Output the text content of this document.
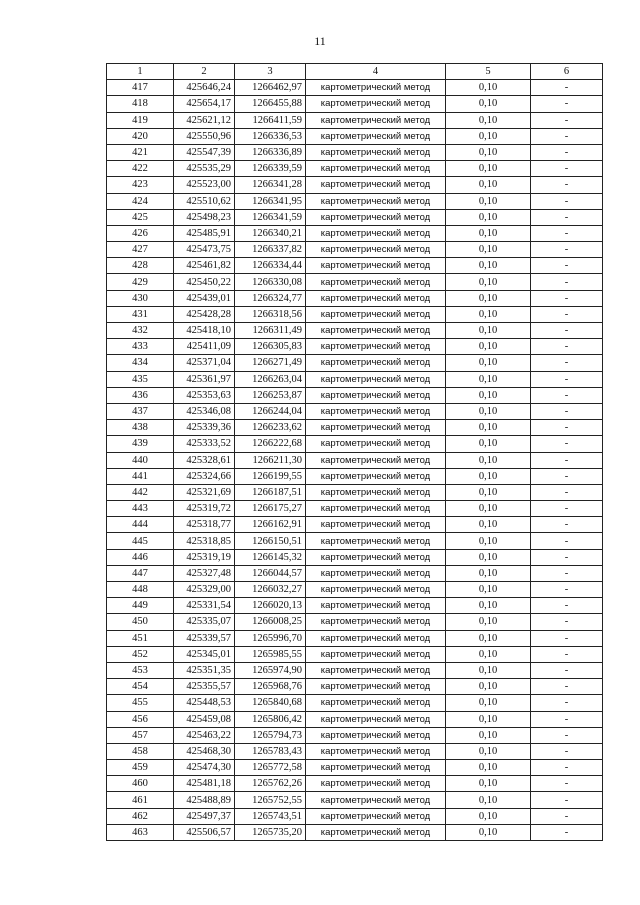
11
1	2	3	4	5	6
417	425646,24	1266462,97	картометрический метод	0,10	-
418	425654,17	1266455,88	картометрический метод	0,10	-
419	425621,12	1266411,59	картометрический метод	0,10	-
420	425550,96	1266336,53	картометрический метод	0,10	-
421	425547,39	1266336,89	картометрический метод	0,10	-
422	425535,29	1266339,59	картометрический метод	0,10	-
423	425523,00	1266341,28	картометрический метод	0,10	-
424	425510,62	1266341,95	картометрический метод	0,10	-
425	425498,23	1266341,59	картометрический метод	0,10	-
426	425485,91	1266340,21	картометрический метод	0,10	-
427	425473,75	1266337,82	картометрический метод	0,10	-
428	425461,82	1266334,44	картометрический метод	0,10	-
429	425450,22	1266330,08	картометрический метод	0,10	-
430	425439,01	1266324,77	картометрический метод	0,10	-
431	425428,28	1266318,56	картометрический метод	0,10	-
432	425418,10	1266311,49	картометрический метод	0,10	-
433	425411,09	1266305,83	картометрический метод	0,10	-
434	425371,04	1266271,49	картометрический метод	0,10	-
435	425361,97	1266263,04	картометрический метод	0,10	-
436	425353,63	1266253,87	картометрический метод	0,10	-
437	425346,08	1266244,04	картометрический метод	0,10	-
438	425339,36	1266233,62	картометрический метод	0,10	-
439	425333,52	1266222,68	картометрический метод	0,10	-
440	425328,61	1266211,30	картометрический метод	0,10	-
441	425324,66	1266199,55	картометрический метод	0,10	-
442	425321,69	1266187,51	картометрический метод	0,10	-
443	425319,72	1266175,27	картометрический метод	0,10	-
444	425318,77	1266162,91	картометрический метод	0,10	-
445	425318,85	1266150,51	картометрический метод	0,10	-
446	425319,19	1266145,32	картометрический метод	0,10	-
447	425327,48	1266044,57	картометрический метод	0,10	-
448	425329,00	1266032,27	картометрический метод	0,10	-
449	425331,54	1266020,13	картометрический метод	0,10	-
450	425335,07	1266008,25	картометрический метод	0,10	-
451	425339,57	1265996,70	картометрический метод	0,10	-
452	425345,01	1265985,55	картометрический метод	0,10	-
453	425351,35	1265974,90	картометрический метод	0,10	-
454	425355,57	1265968,76	картометрический метод	0,10	-
455	425448,53	1265840,68	картометрический метод	0,10	-
456	425459,08	1265806,42	картометрический метод	0,10	-
457	425463,22	1265794,73	картометрический метод	0,10	-
458	425468,30	1265783,43	картометрический метод	0,10	-
459	425474,30	1265772,58	картометрический метод	0,10	-
460	425481,18	1265762,26	картометрический метод	0,10	-
461	425488,89	1265752,55	картометрический метод	0,10	-
462	425497,37	1265743,51	картометрический метод	0,10	-
463	425506,57	1265735,20	картометрический метод	0,10	-
